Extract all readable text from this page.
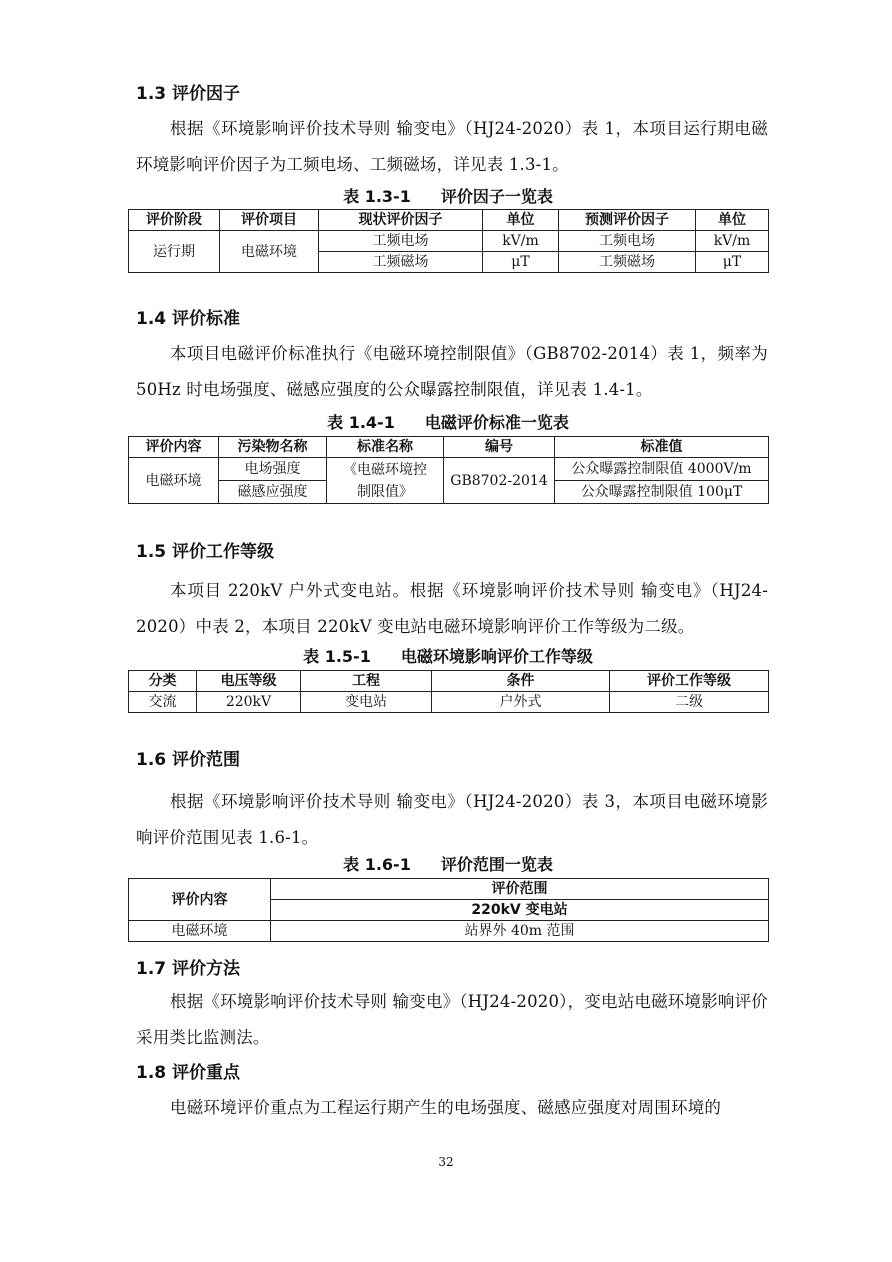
1.3 评价因子

根据《环境影响评价技术导则 输变电》（HJ24-2020）表 1，本项目运行期电磁环境影响评价因子为工频电场、工频磁场，详见表 1.3-1。

表 1.3-1 评价因子一览表
评价阶段	评价项目	现状评价因子	单位	预测评价因子	单位
运行期	电磁环境	工频电场	kV/m	工频电场	kV/m
		工频磁场	μT	工频磁场	μT
1.4 评价标准

本项目电磁评价标准执行《电磁环境控制限值》（GB8702-2014）表 1，频率为 50Hz 时电场强度、磁感应强度的公众曝露控制限值，详见表 1.4-1。

表 1.4-1 电磁评价标准一览表
评价内容	污染物名称	标准名称	编号	标准值
电磁环境	电场强度	《电磁环境控制限值》	GB8702-2014	公众曝露控制限值 4000V/m
	磁感应强度			公众曝露控制限值 100μT
1.5 评价工作等级

本项目 220kV 户外式变电站。根据《环境影响评价技术导则 输变电》（HJ24-2020）中表 2，本项目 220kV 变电站电磁环境影响评价工作等级为二级。

表 1.5-1 电磁环境影响评价工作等级
分类	电压等级	工程	条件	评价工作等级
交流	220kV	变电站	户外式	二级
1.6 评价范围

根据《环境影响评价技术导则 输变电》（HJ24-2020）表 3，本项目电磁环境影响评价范围见表 1.6-1。

表 1.6-1 评价范围一览表
评价内容	评价范围
	220kV 变电站
电磁环境	站界外 40m 范围
1.7 评价方法

根据《环境影响评价技术导则 输变电》（HJ24-2020），变电站电磁环境影响评价采用类比监测法。

1.8 评价重点

电磁环境评价重点为工程运行期产生的电场强度、磁感应强度对周围环境的

32
